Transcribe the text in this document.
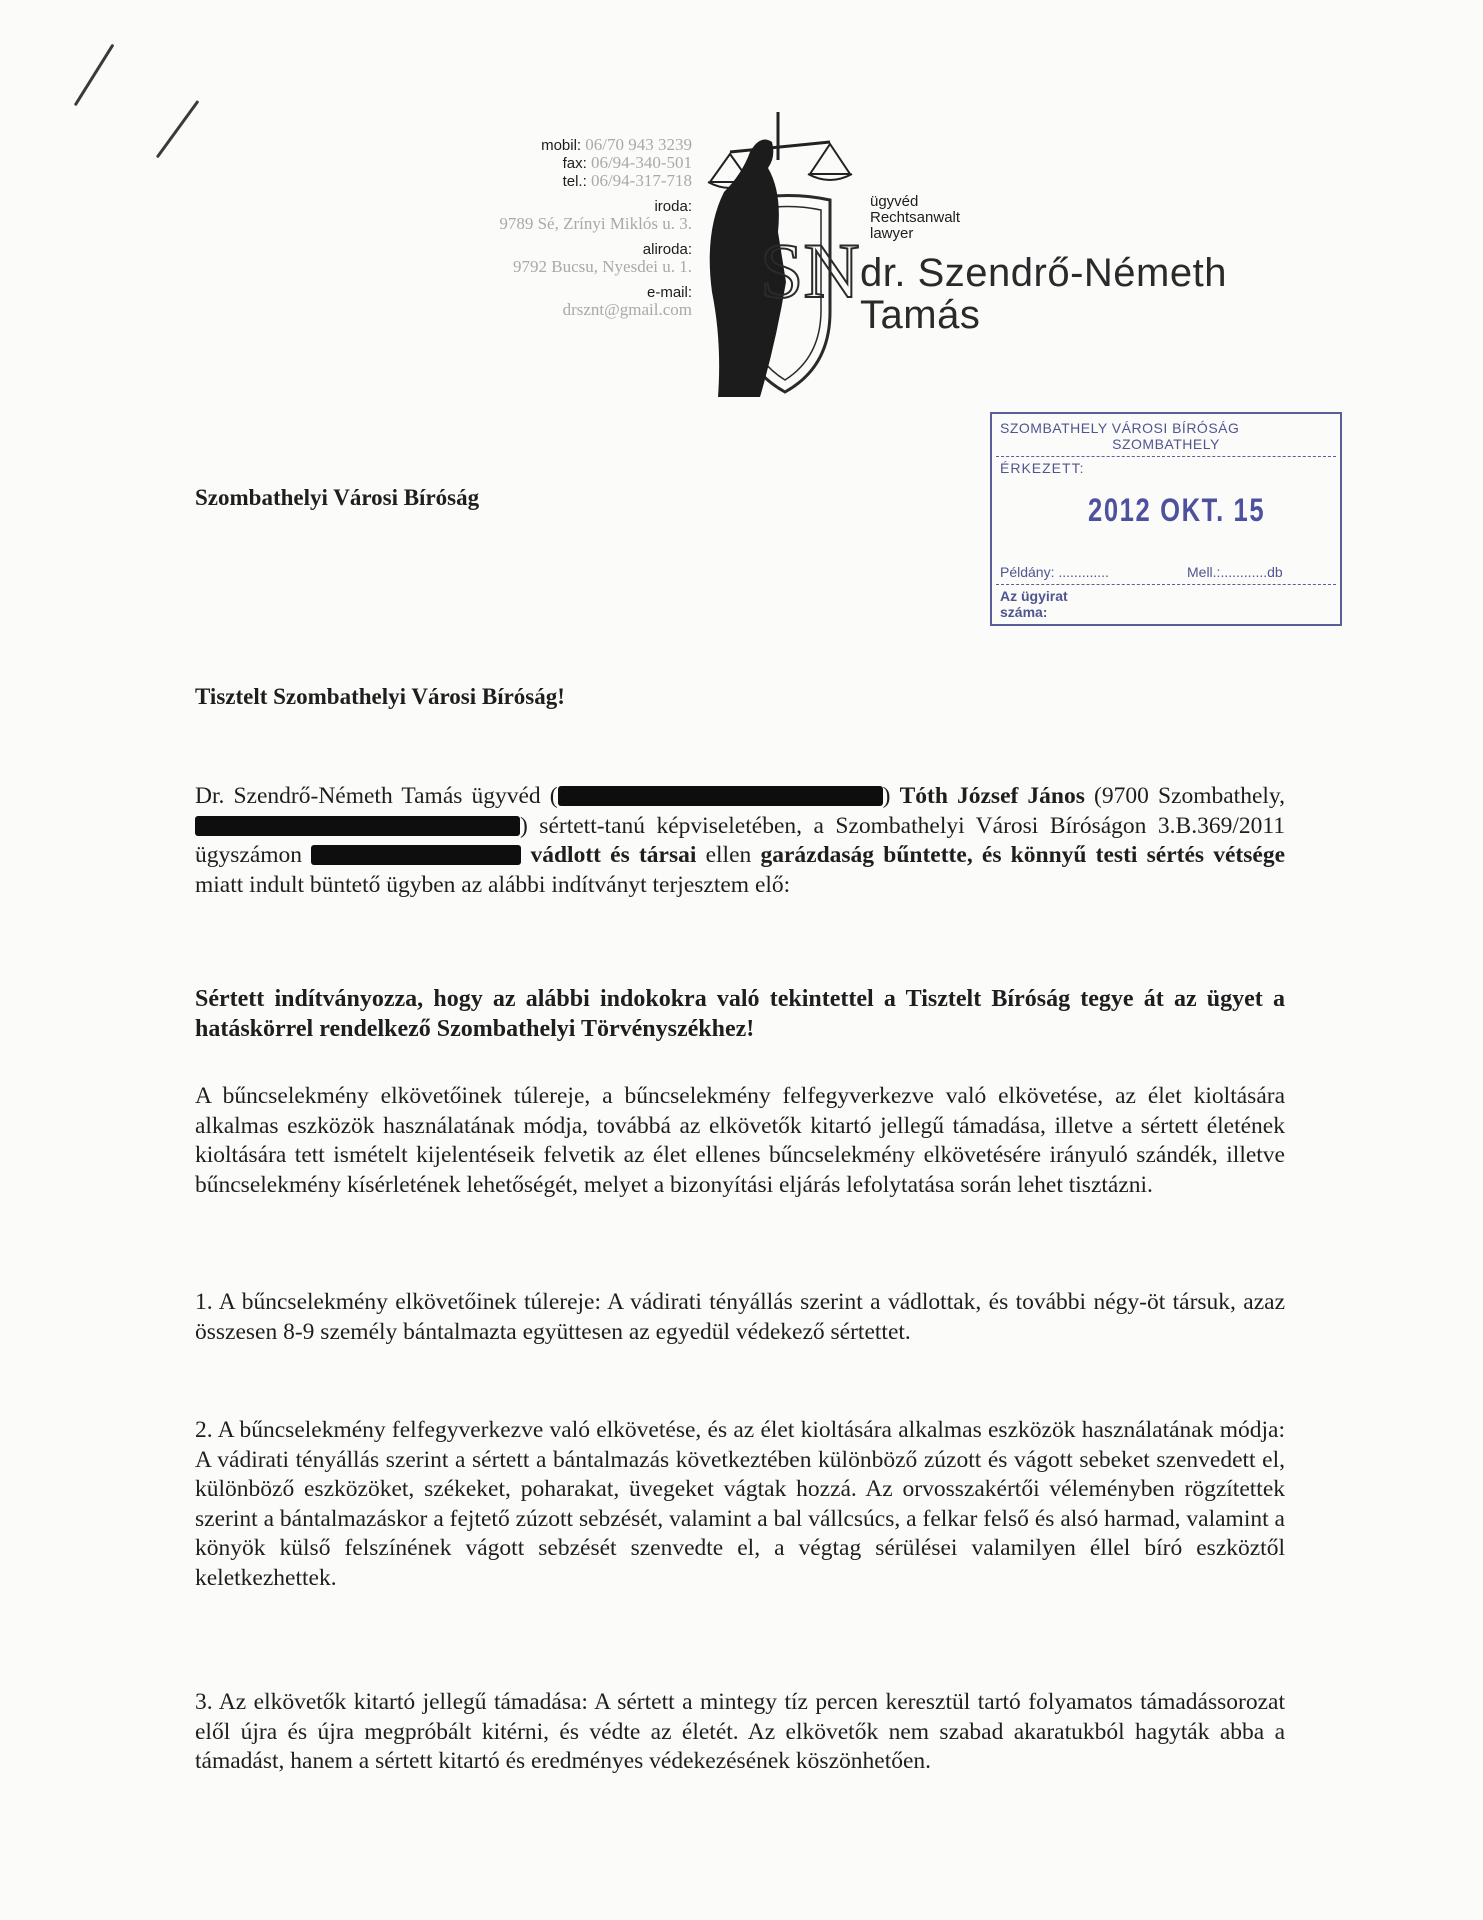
mobil: 06/70 943 3239
fax: 06/94-340-501
tel.: 06/94-317-718
iroda:
9789 Sé, Zrínyi Miklós u. 3.
aliroda:
9792 Bucsu, Nyesdei u. 1.
e-mail:
drsznt@gmail.com SN
ügyvéd
Rechtsanwalt
lawyer
dr. Szendrő-Németh
Tamás
SZOMBATHELY VÁROSI BÍRÓSÁG
SZOMBATHELY
ÉRKEZETT:
2012 OKT. 15
Példány: .............	Mell.:............db
Az ügyirat száma:
Szombathelyi Városi Bíróság
Tisztelt Szombathelyi Városi Bíróság!
Dr. Szendrő-Németh Tamás ügyvéd (	) Tóth József János (9700 Szombathely, ) sértett-tanú képviseletében, a Szombathelyi Városi Bíróságon 3.B.369/2011 ügyszámon	vádlott és társai ellen garázdaság bűntette, és könnyű testi sértés vétsége miatt indult büntető ügyben az alábbi indítványt terjesztem elő:
Sértett indítványozza, hogy az alábbi indokokra való tekintettel a Tisztelt Bíróság tegye át az ügyet a hatáskörrel rendelkező Szombathelyi Törvényszékhez!
A bűncselekmény elkövetőinek túlereje, a bűncselekmény felfegyverkezve való elkövetése, az élet kioltására alkalmas eszközök használatának módja, továbbá az elkövetők kitartó jellegű támadása, illetve a sértett életének kioltására tett ismételt kijelentéseik felvetik az élet ellenes bűncselekmény elkövetésére irányuló szándék, illetve bűncselekmény kísérletének lehetőségét, melyet a bizonyítási eljárás lefolytatása során lehet tisztázni.
1. A bűncselekmény elkövetőinek túlereje: A vádirati tényállás szerint a vádlottak, és további négy-öt társuk, azaz összesen 8-9 személy bántalmazta együttesen az egyedül védekező sértettet.
2. A bűncselekmény felfegyverkezve való elkövetése, és az élet kioltására alkalmas eszközök használatának módja: A vádirati tényállás szerint a sértett a bántalmazás következtében különböző zúzott és vágott sebeket szenvedett el, különböző eszközöket, székeket, poharakat, üvegeket vágtak hozzá. Az orvosszakértői véleményben rögzítettek szerint a bántalmazáskor a fejtető zúzott sebzését, valamint a bal vállcsúcs, a felkar felső és alsó harmad, valamint a könyök külső felszínének vágott sebzését szenvedte el, a végtag sérülései valamilyen éllel bíró eszköztől keletkezhettek.
3. Az elkövetők kitartó jellegű támadása: A sértett a mintegy tíz percen keresztül tartó folyamatos támadássorozat elől újra és újra megpróbált kitérni, és védte az életét. Az elkövetők nem szabad akaratukból hagyták abba a támadást, hanem a sértett kitartó és eredményes védekezésének köszönhetően.
